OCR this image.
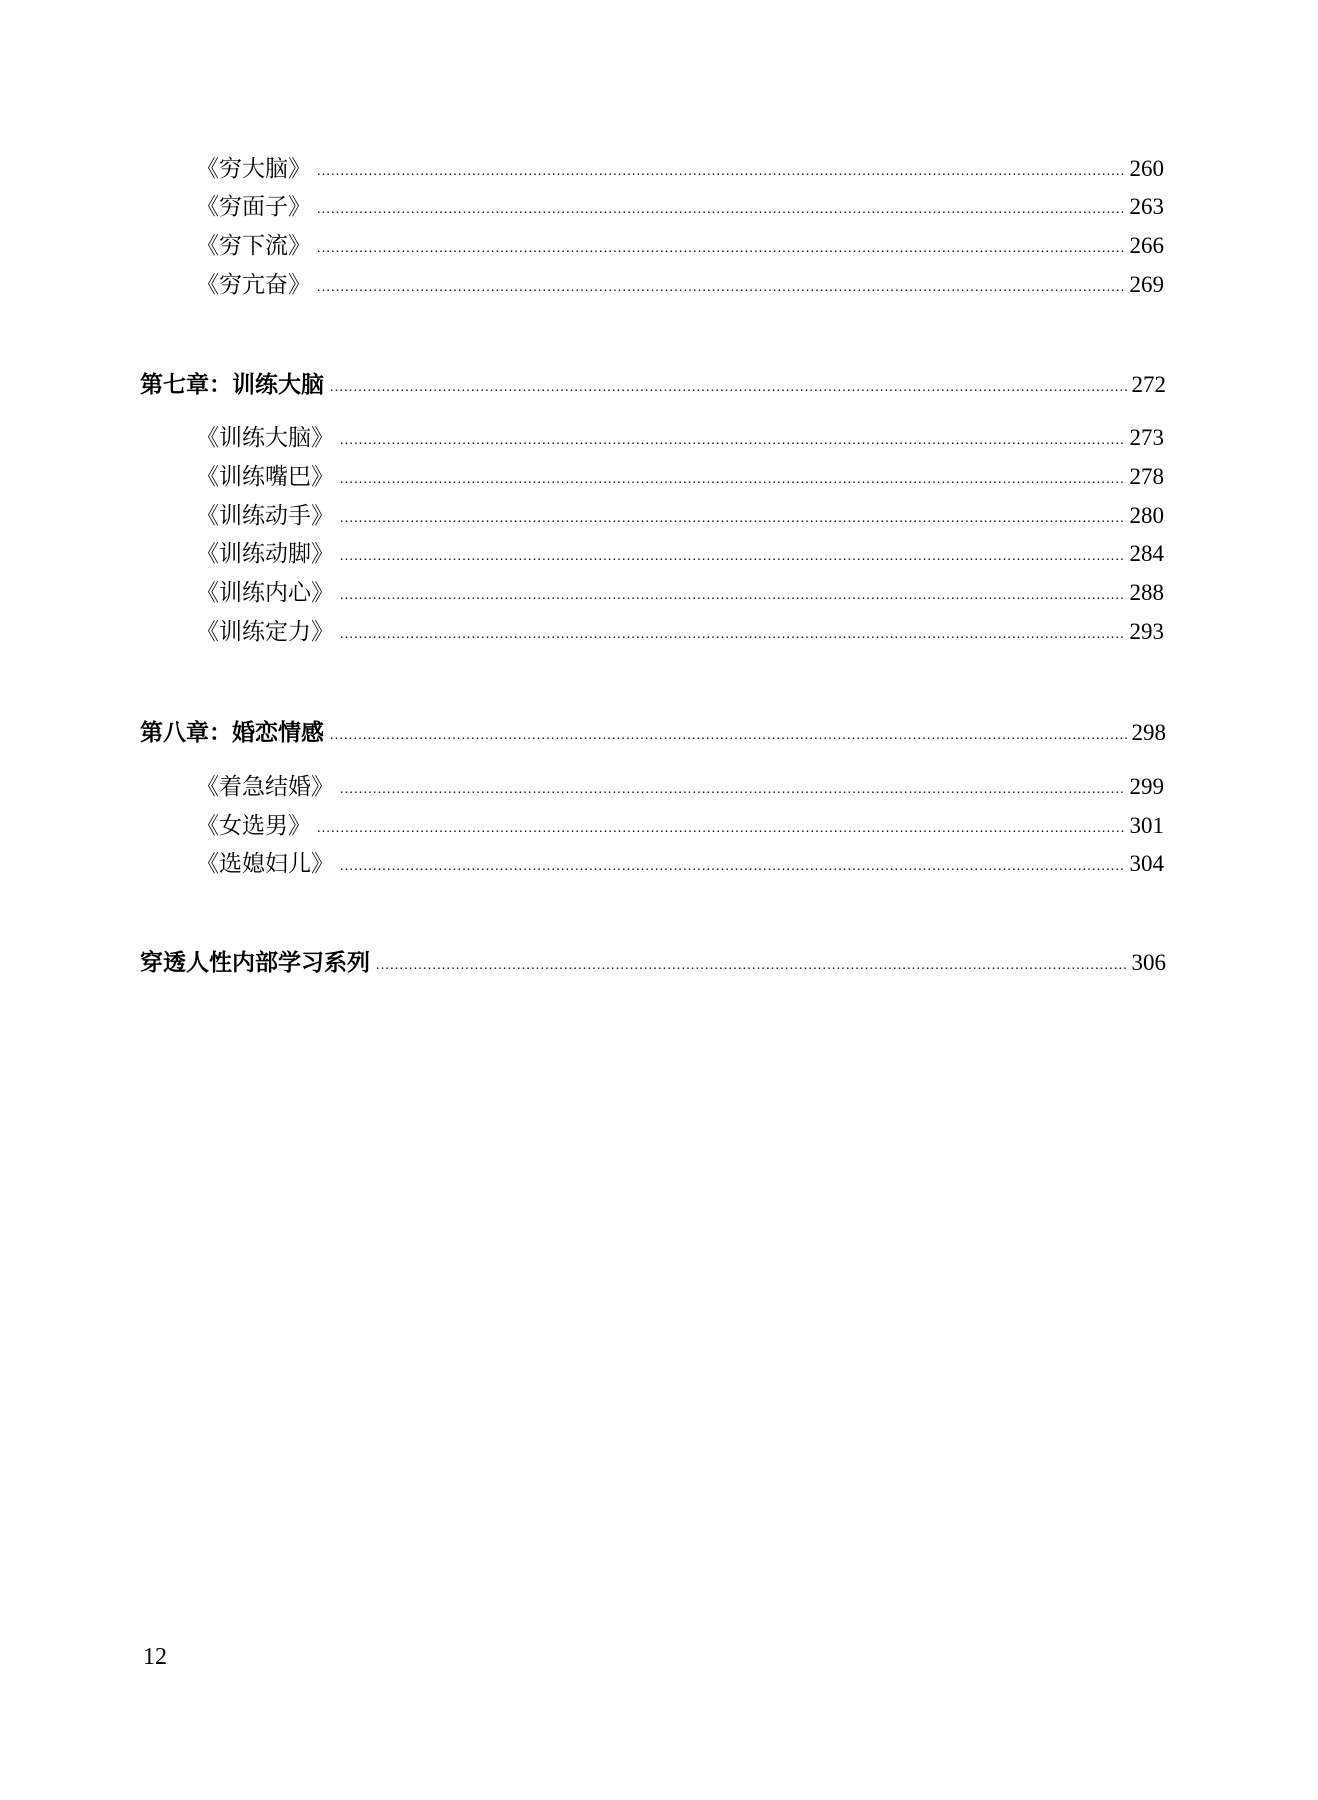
《穷大脑》 .....	260
《穷面子》 .....	263
《穷下流》 .....	266
《穷亢奋》 .....	269
第七章：训练大脑 .....	272
《训练大脑》 .....	273
《训练嘴巴》 .....	278
《训练动手》 .....	280
《训练动脚》 .....	284
《训练内心》 .....	288
《训练定力》 .....	293
第八章：婚恋情感 .....	298
《着急结婚》 .....	299
《女选男》 .....	301
《选媳妇儿》 .....	304
穿透人性内部学习系列 .....	306
12
